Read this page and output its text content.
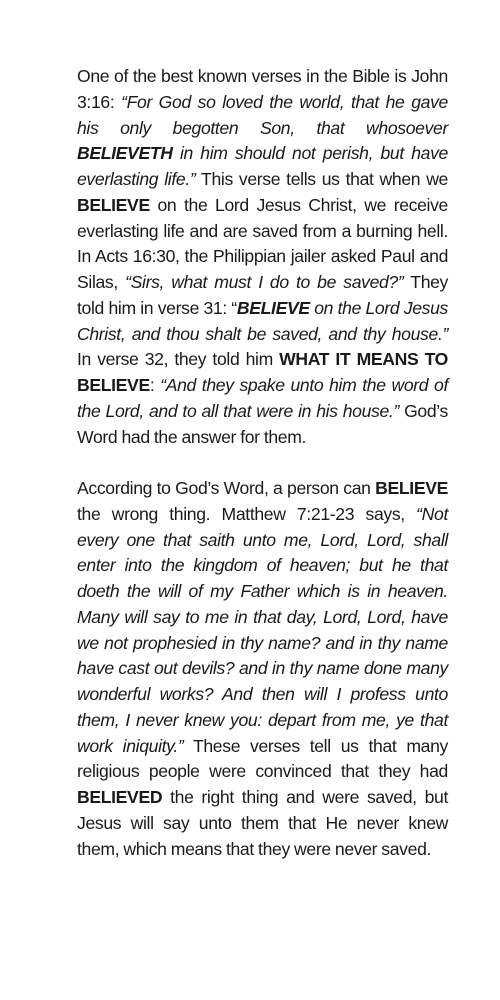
One of the best known verses in the Bible is John 3:16: “For God so loved the world, that he gave his only begotten Son, that whosoever BELIEVETH in him should not perish, but have everlasting life.” This verse tells us that when we BELIEVE on the Lord Jesus Christ, we receive everlasting life and are saved from a burning hell. In Acts 16:30, the Philippian jailer asked Paul and Silas, “Sirs, what must I do to be saved?” They told him in verse 31: “BELIEVE on the Lord Jesus Christ, and thou shalt be saved, and thy house.” In verse 32, they told him WHAT IT MEANS TO BELIEVE: “And they spake unto him the word of the Lord, and to all that were in his house.” God’s Word had the answer for them.

According to God’s Word, a person can BELIEVE the wrong thing. Matthew 7:21-23 says, “Not every one that saith unto me, Lord, Lord, shall enter into the kingdom of heaven; but he that doeth the will of my Father which is in heaven. Many will say to me in that day, Lord, Lord, have we not prophesied in thy name? and in thy name have cast out devils? and in thy name done many wonderful works? And then will I profess unto them, I never knew you: depart from me, ye that work iniquity.” These verses tell us that many religious people were convinced that they had BELIEVED the right thing and were saved, but Jesus will say unto them that He never knew them, which means that they were never saved.
